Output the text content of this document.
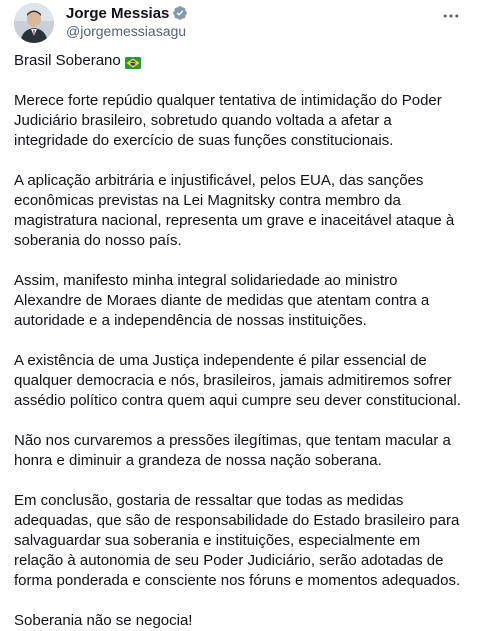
Jorge Messias
@jorgemessiasagu

Brasil Soberano

Merece forte repúdio qualquer tentativa de intimidação do Poder Judiciário brasileiro, sobretudo quando voltada a afetar a integridade do exercício de suas funções constitucionais.

A aplicação arbitrária e injustificável, pelos EUA, das sanções econômicas previstas na Lei Magnitsky contra membro da magistratura nacional, representa um grave e inaceitável ataque à soberania do nosso país.

Assim, manifesto minha integral solidariedade ao ministro Alexandre de Moraes diante de medidas que atentam contra a autoridade e a independência de nossas instituições.

A existência de uma Justiça independente é pilar essencial de qualquer democracia e nós, brasileiros, jamais admitiremos sofrer assédio político contra quem aqui cumpre seu dever constitucional.

Não nos curvaremos a pressões ilegítimas, que tentam macular a honra e diminuir a grandeza de nossa nação soberana.

Em conclusão, gostaria de ressaltar que todas as medidas adequadas, que são de responsabilidade do Estado brasileiro para salvaguardar sua soberania e instituições, especialmente em relação à autonomia de seu Poder Judiciário, serão adotadas de forma ponderada e consciente nos fóruns e momentos adequados.

Soberania não se negocia!
